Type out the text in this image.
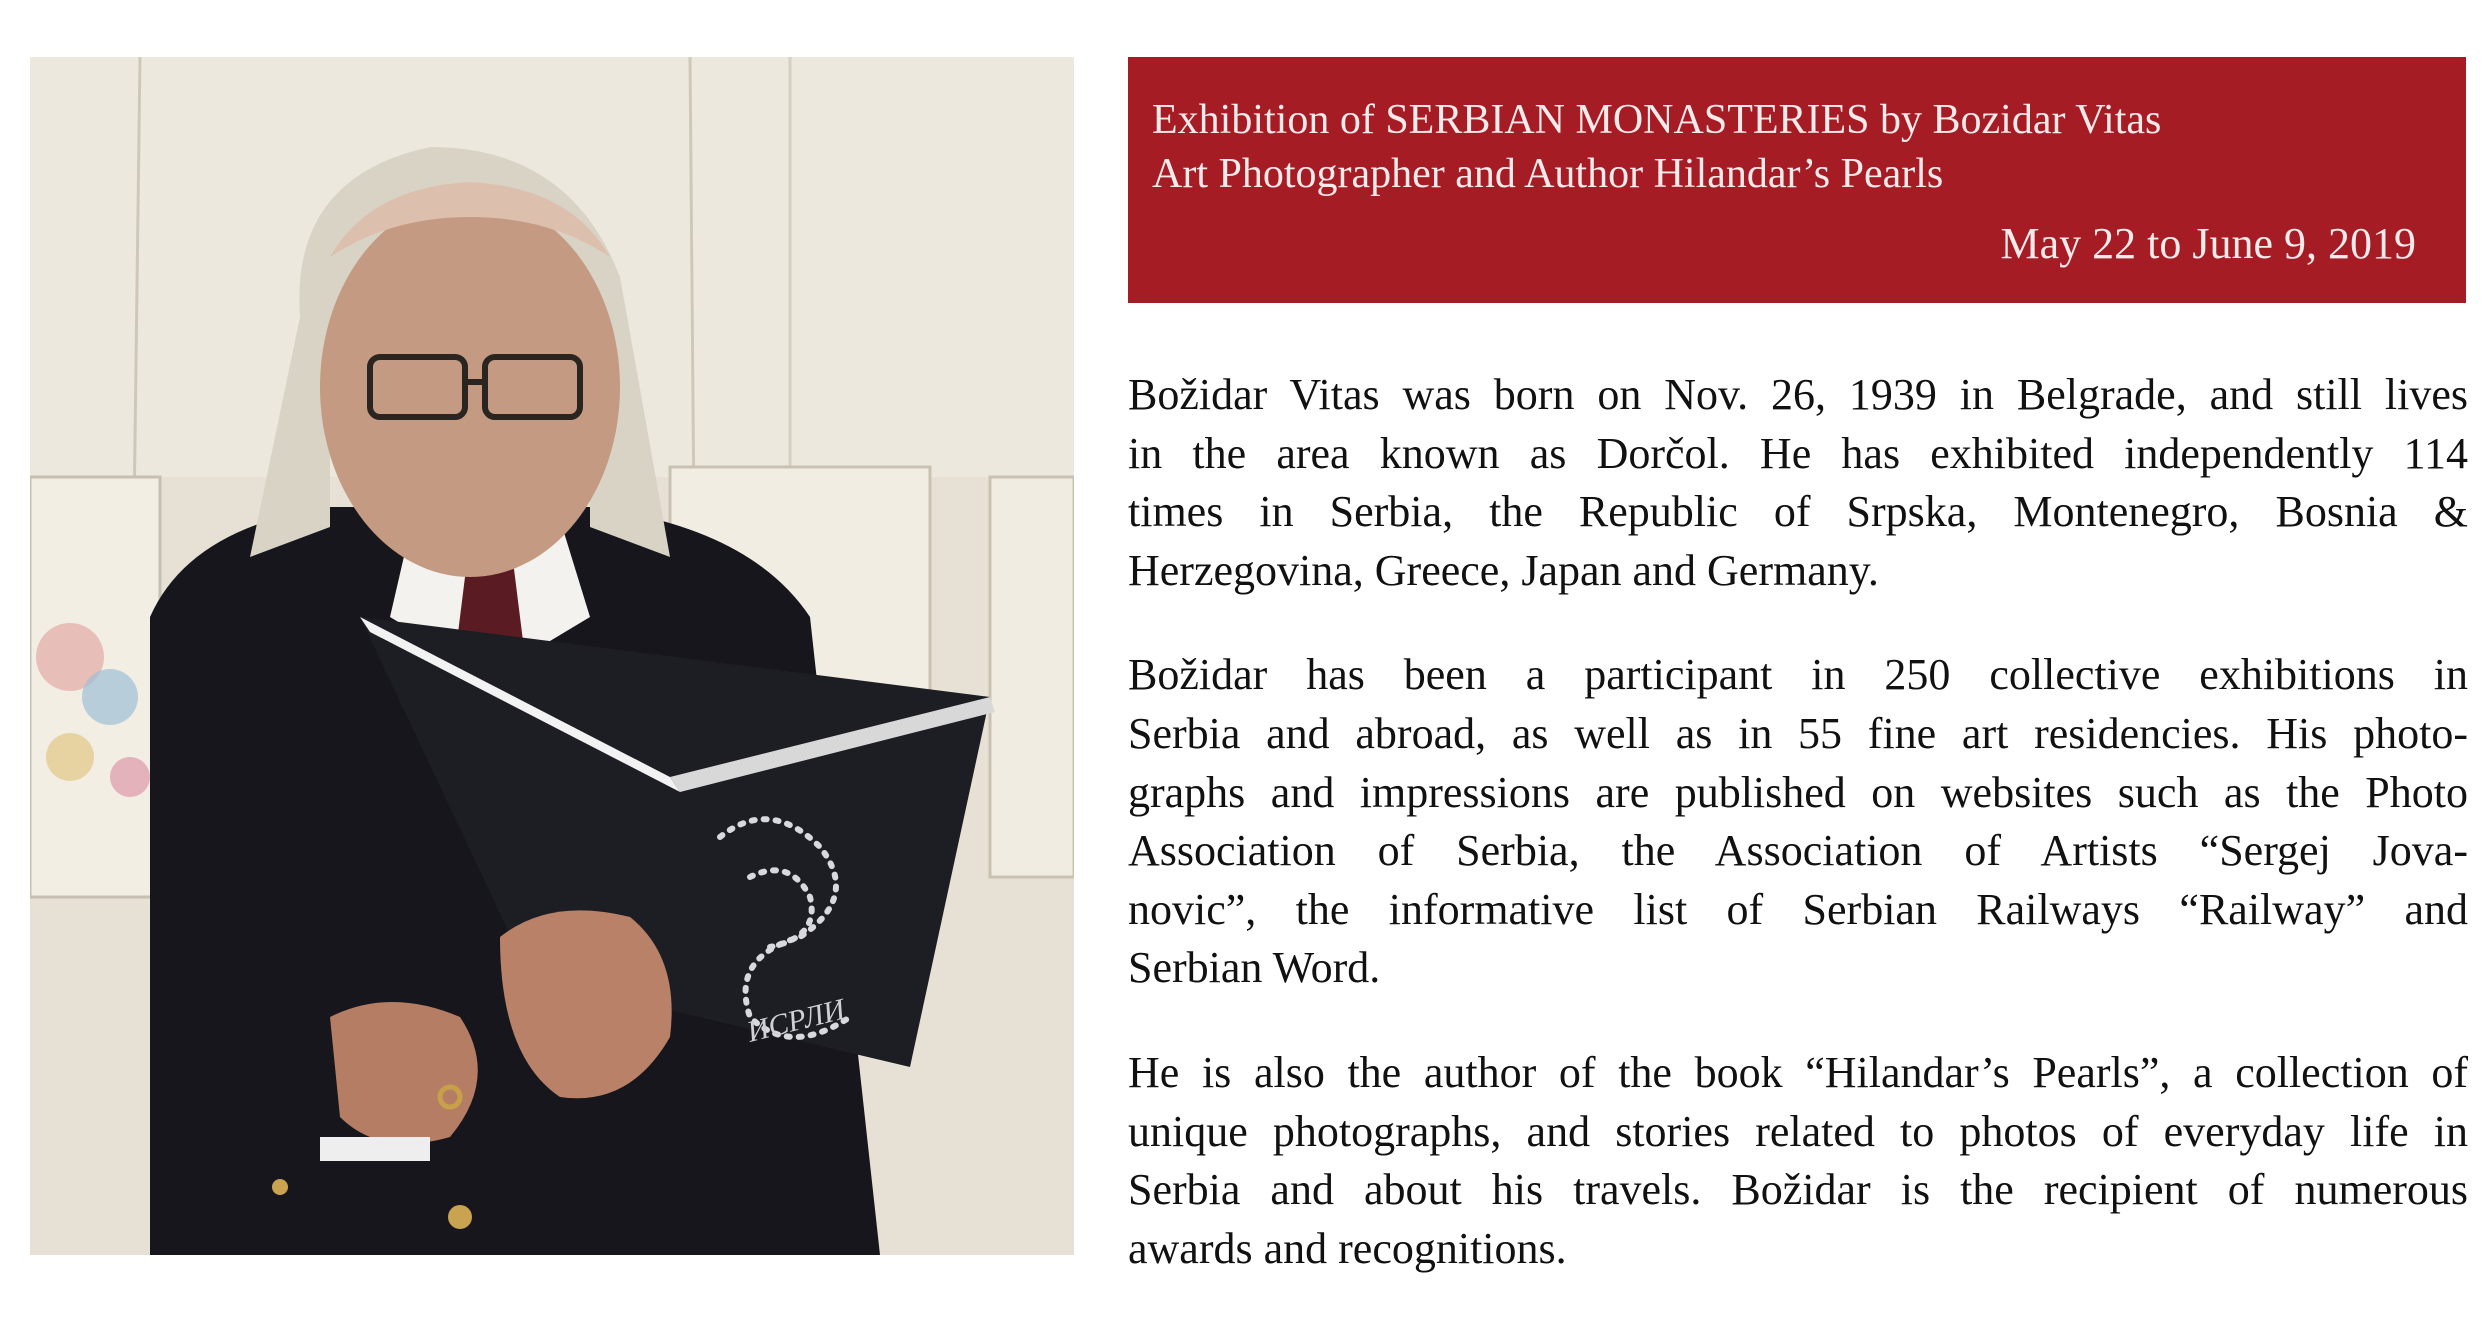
ИСРЛИ
Exhibition of SERBIAN MONASTERIES by Bozidar Vitas
Art Photographer and Author Hilandar’s Pearls
May 22 to June 9, 2019
Božidar Vitas was born on Nov. 26, 1939 in Belgrade, and still lives
in the area known as Dorčol. He has exhibited independently 114
times in Serbia, the Republic of Srpska, Montenegro, Bosnia &
Herzegovina, Greece, Japan and Germany.
Božidar has been a participant in 250 collective exhibitions in
Serbia and abroad, as well as in 55 fine art residencies. His photo-
graphs and impressions are published on websites such as the Photo
Association of Serbia, the Association of Artists “Sergej Jova-
novic”, the informative list of Serbian Railways “Railway” and
Serbian Word.
He is also the author of the book “Hilandar’s Pearls”, a collection of
unique photographs, and stories related to photos of everyday life in
Serbia and about his travels. Božidar is the recipient of numerous
awards and recognitions.
